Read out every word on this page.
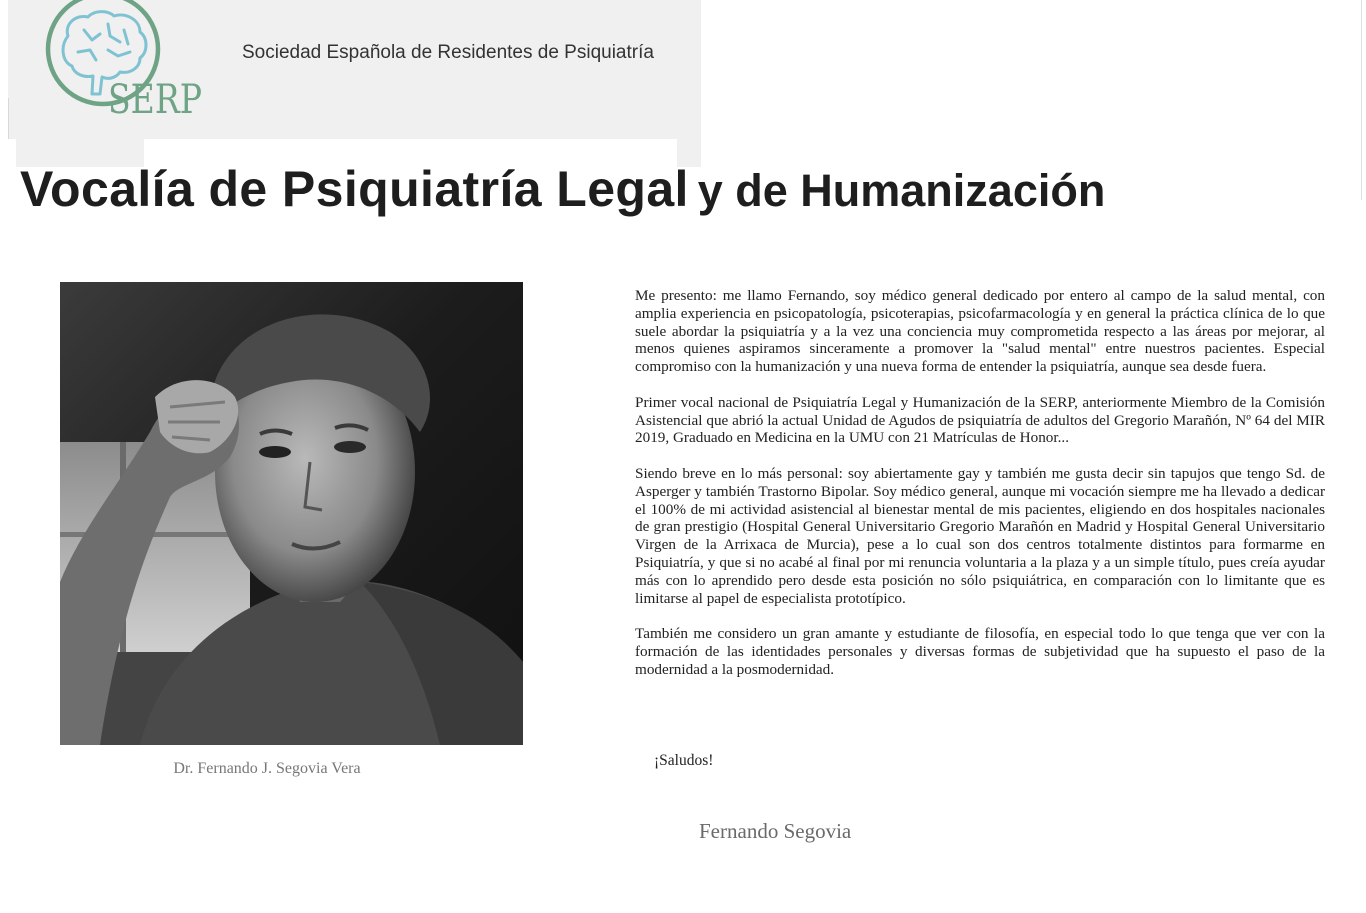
SERP
Sociedad Española de Residentes de Psiquiatría
Vocalía de Psiquiatría Legal y de Humanización
Dr. Fernando J. Segovia Vera

Me presento: me llamo Fernando, soy médico general dedicado por entero al campo de la salud mental, con amplia experiencia en psicopatología, psicoterapias, psicofarmacología y en general la práctica clínica de lo que suele abordar la psiquiatría y a la vez una conciencia muy comprometida respecto a las áreas por mejorar, al menos quienes aspiramos sinceramente a promover la "salud mental" entre nuestros pacientes. Especial compromiso con la humanización y una nueva forma de entender la psiquiatría, aunque sea desde fuera.

Primer vocal nacional de Psiquiatría Legal y Humanización de la SERP, anteriormente Miembro de la Comisión Asistencial que abrió la actual Unidad de Agudos de psiquiatría de adultos del Gregorio Marañón, Nº 64 del MIR 2019, Graduado en Medicina en la UMU con 21 Matrículas de Honor...

Siendo breve en lo más personal: soy abiertamente gay y también me gusta decir sin tapujos que tengo Sd. de Asperger y también Trastorno Bipolar. Soy médico general, aunque mi vocación siempre me ha llevado a dedicar el 100% de mi actividad asistencial al bienestar mental de mis pacientes, eligiendo en dos hospitales nacionales de gran prestigio (Hospital General Universitario Gregorio Marañón en Madrid y Hospital General Universitario Virgen de la Arrixaca de Murcia), pese a lo cual son dos centros totalmente distintos para formarme en Psiquiatría, y que si no acabé al final por mi renuncia voluntaria a la plaza y a un simple título, pues creía ayudar más con lo aprendido pero desde esta posición no sólo psiquiátrica, en comparación con lo limitante que es limitarse al papel de especialista prototípico.

También me considero un gran amante y estudiante de filosofía, en especial todo lo que tenga que ver con la formación de las identidades personales y diversas formas de subjetividad que ha supuesto el paso de la modernidad a la posmodernidad.

¡Saludos!
Fernando Segovia
